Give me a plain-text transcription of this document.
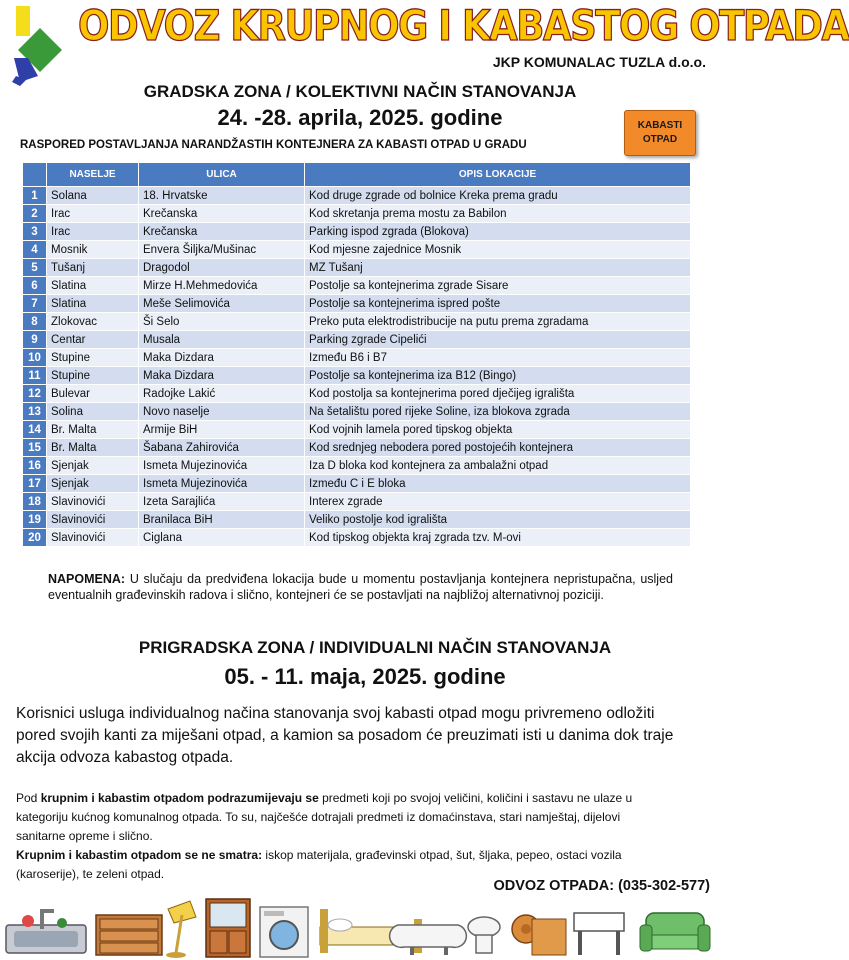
ODVOZ KRUPNOG I KABASTOG OTPADA
JKP KOMUNALAC TUZLA d.o.o.
GRADSKA ZONA / KOLEKTIVNI NAČIN STANOVANJA
24. -28. aprila, 2025. godine	KABASTI
OTPAD
RASPORED POSTAVLJANJA NARANDŽASTIH KONTEJNERA ZA KABASTI OTPAD U GRADU
	NASELJE	ULICA	OPIS LOKACIJE
1	Solana	18. Hrvatske	Kod druge zgrade od bolnice Kreka prema gradu
2	Irac	Krečanska	Kod skretanja prema mostu za Babilon
3	Irac	Krečanska	Parking ispod zgrada (Blokova)
4	Mosnik	Envera Šiljka/Mušinac	Kod mjesne zajednice Mosnik
5	Tušanj	Dragodol	MZ Tušanj
6	Slatina	Mirze H.Mehmedovića	Postolje sa kontejnerima zgrade Sisare
7	Slatina	Meše Selimovića	Postolje sa kontejnerima ispred pošte
8	Zlokovac	Ši Selo	Preko puta elektrodistribucije na putu prema zgradama
9	Centar	Musala	Parking zgrade Cipelići
10	Stupine	Maka Dizdara	Između B6 i B7
11	Stupine	Maka Dizdara	Postolje sa kontejnerima iza B12 (Bingo)
12	Bulevar	Radojke Lakić	Kod postolja sa kontejnerima pored dječijeg igrališta
13	Solina	Novo naselje	Na šetalištu pored rijeke Soline, iza blokova zgrada
14	Br. Malta	Armije BiH	Kod vojnih lamela pored tipskog objekta
15	Br. Malta	Šabana Zahirovića	Kod srednjeg nebodera pored postojećih kontejnera
16	Sjenjak	Ismeta Mujezinovića	Iza D bloka kod kontejnera za ambalažni otpad
17	Sjenjak	Ismeta Mujezinovića	Između C i E bloka
18	Slavinovići	Izeta Sarajlića	Interex zgrade
19	Slavinovići	Branilaca BiH	Veliko postolje kod igrališta
20	Slavinovići	Ciglana	Kod tipskog objekta kraj zgrada tzv. M-ovi
NAPOMENA: U slučaju da predviđena lokacija bude u momentu postavljanja kontejnera nepristupačna, usljed eventualnih građevinskih radova i slično, kontejneri će se postavljati na najbližoj alternativnoj poziciji.
PRIGRADSKA ZONA / INDIVIDUALNI NAČIN STANOVANJA
05. - 11. maja, 2025. godine
Korisnici usluga individualnog načina stanovanja svoj kabasti otpad mogu privremeno odložiti pored svojih kanti za miješani otpad, a kamion sa posadom će preuzimati isti u danima dok traje akcija odvoza kabastog otpada.
Pod krupnim i kabastim otpadom podrazumijevaju se predmeti koji po svojoj veličini, količini i sastavu ne ulaze u kategoriju kućnog komunalnog otpada. To su, najčešće dotrajali predmeti iz domaćinstava, stari namještaj, dijelovi sanitarne opreme i slično.
Krupnim i kabastim otpadom se ne smatra: iskop materijala, građevinski otpad, šut, šljaka, pepeo, ostaci vozila (karoserije), te zeleni otpad.
ODVOZ OTPADA: (035-302-577)
